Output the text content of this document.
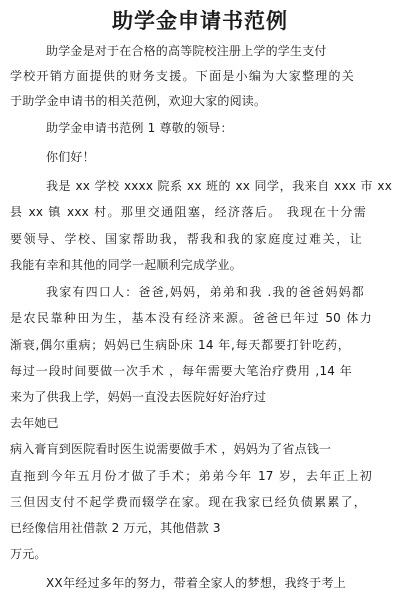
助学金申请书范例
助学金是对于在合格的高等院校注册上学的学生支付
学校开销方面提供的财务支援。下面是小编为大家整理的关
于助学金申请书的相关范例，欢迎大家的阅读。
助学金申请书范例 1 尊敬的领导：
你们好！
我是 xx 学校 xxxx 院系 xx 班的 xx 同学，我来自 xxx 市 xx
县 xx 镇 xxx 村。那里交通阻塞，经济落后。 我现在十分需
要领导、学校、国家帮助我，帮我和我的家庭度过难关，让
我能有幸和其他的同学一起顺利完成学业。
我家有四口人：爸爸,妈妈，弟弟和我 .我的爸爸妈妈都
是农民靠种田为生，基本没有经济来源。爸爸已年过 50 体力
渐衰,偶尔重病；妈妈已生病卧床 14 年,每天都要打针吃药，
每过一段时间要做一次手术 ，每年需要大笔治疗费用 ,14 年
来为了供我上学，妈妈一直没去医院好好治疗过
去年她已
病入膏肓到医院看时医生说需要做手术 ，妈妈为了省点钱一
直拖到今年五月份才做了手术；弟弟今年 17 岁，去年正上初
三但因支付不起学费而辍学在家。现在我家已经负债累累了，
已经像信用社借款 2 万元，其他借款 3
万元。
XX年经过多年的努力，带着全家人的梦想，我终于考上
